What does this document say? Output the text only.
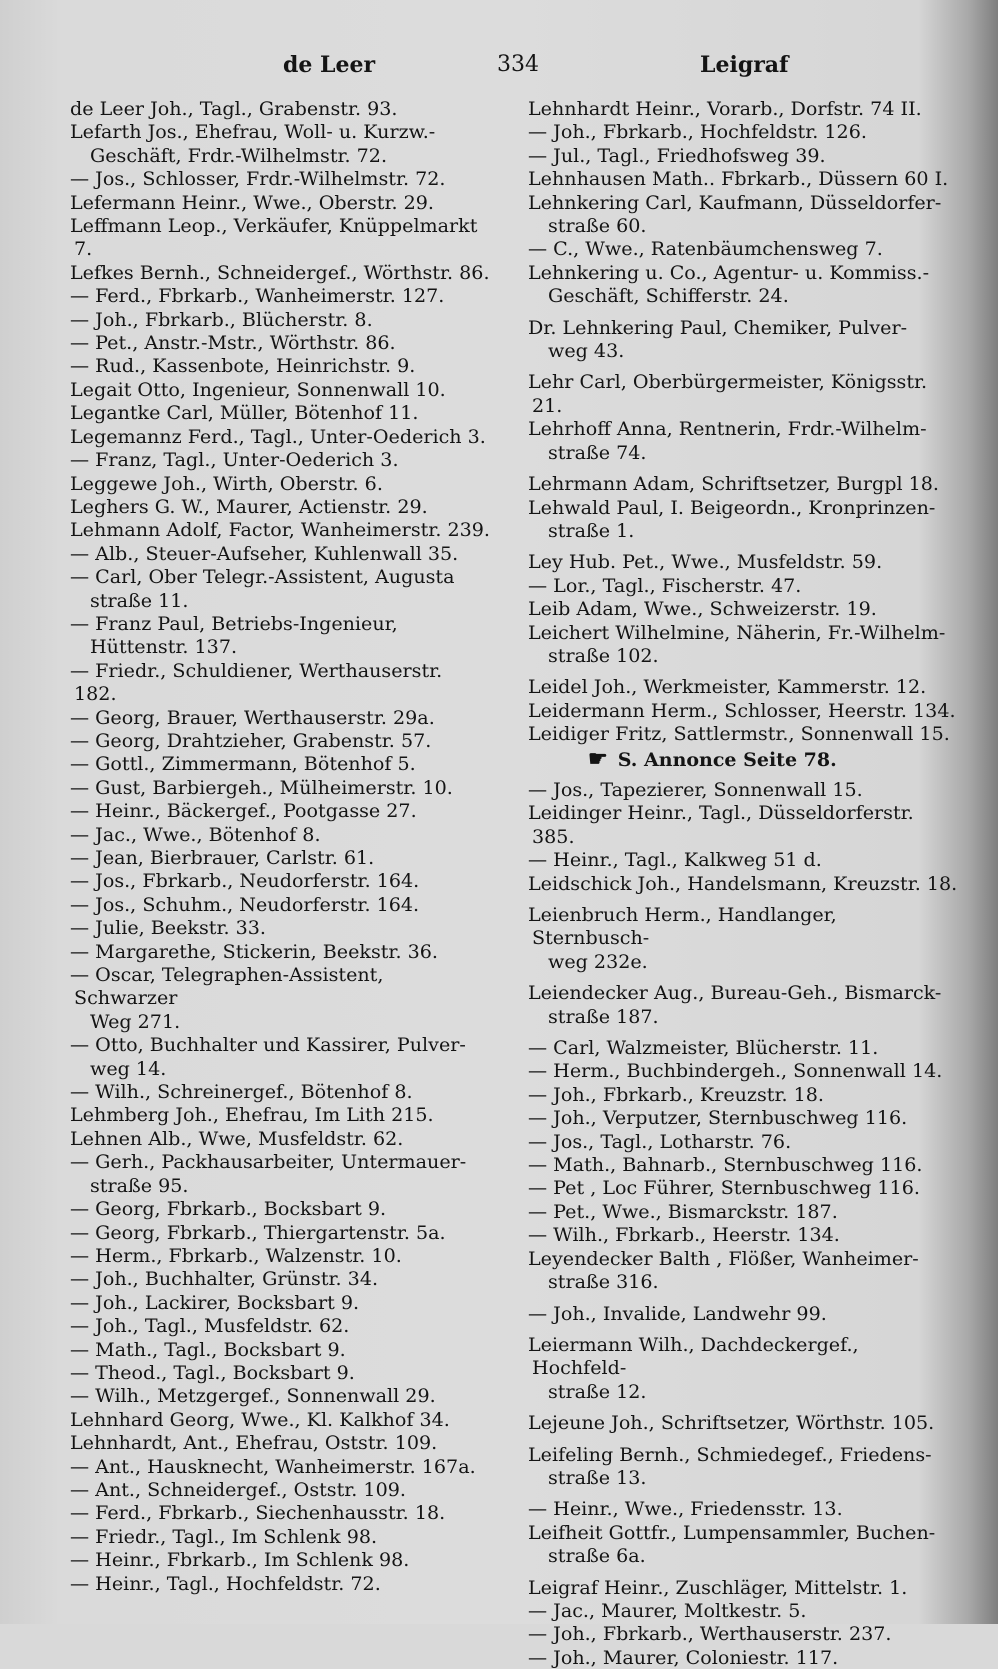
de Leer	334	Leigraf
de Leer Joh., Tagl., Grabenstr. 93.
Lefarth Jos., Ehefrau, Woll- u. Kurzw.-
Geschäft, Frdr.-Wilhelmstr. 72.
— Jos., Schlosser, Frdr.-Wilhelmstr. 72.
Lefermann Heinr., Wwe., Oberstr. 29.
Leffmann Leop., Verkäufer, Knüppelmarkt 7.
Lefkes Bernh., Schneidergef., Wörthstr. 86.
— Ferd., Fbrkarb., Wanheimerstr. 127.
— Joh., Fbrkarb., Blücherstr. 8.
— Pet., Anstr.-Mstr., Wörthstr. 86.
— Rud., Kassenbote, Heinrichstr. 9.
Legait Otto, Ingenieur, Sonnenwall 10.
Legantke Carl, Müller, Bötenhof 11.
Legemannz Ferd., Tagl., Unter-Oederich 3.
— Franz, Tagl., Unter-Oederich 3.
Leggewe Joh., Wirth, Oberstr. 6.
Leghers G. W., Maurer, Actienstr. 29.
Lehmann Adolf, Factor, Wanheimerstr. 239.
— Alb., Steuer-Aufseher, Kuhlenwall 35.
— Carl, Ober Telegr.-Assistent, Augusta
straße 11.
— Franz Paul, Betriebs-Ingenieur,
Hüttenstr. 137.
— Friedr., Schuldiener, Werthauserstr. 182.
— Georg, Brauer, Werthauserstr. 29a.
— Georg, Drahtzieher, Grabenstr. 57.
— Gottl., Zimmermann, Bötenhof 5.
— Gust, Barbiergeh., Mülheimerstr. 10.
— Heinr., Bäckergef., Pootgasse 27.
— Jac., Wwe., Bötenhof 8.
— Jean, Bierbrauer, Carlstr. 61.
— Jos., Fbrkarb., Neudorferstr. 164.
— Jos., Schuhm., Neudorferstr. 164.
— Julie, Beekstr. 33.
— Margarethe, Stickerin, Beekstr. 36.
— Oscar, Telegraphen-Assistent, Schwarzer
Weg 271.
— Otto, Buchhalter und Kassirer, Pulver-
weg 14.
— Wilh., Schreinergef., Bötenhof 8.
Lehmberg Joh., Ehefrau, Im Lith 215.
Lehnen Alb., Wwe, Musfeldstr. 62.
— Gerh., Packhausarbeiter, Untermauer-
straße 95.
— Georg, Fbrkarb., Bocksbart 9.
— Georg, Fbrkarb., Thiergartenstr. 5a.
— Herm., Fbrkarb., Walzenstr. 10.
— Joh., Buchhalter, Grünstr. 34.
— Joh., Lackirer, Bocksbart 9.
— Joh., Tagl., Musfeldstr. 62.
— Math., Tagl., Bocksbart 9.
— Theod., Tagl., Bocksbart 9.
— Wilh., Metzgergef., Sonnenwall 29.
Lehnhard Georg, Wwe., Kl. Kalkhof 34.
Lehnhardt, Ant., Ehefrau, Oststr. 109.
— Ant., Hausknecht, Wanheimerstr. 167a.
— Ant., Schneidergef., Oststr. 109.
— Ferd., Fbrkarb., Siechenhausstr. 18.
— Friedr., Tagl., Im Schlenk 98.
— Heinr., Fbrkarb., Im Schlenk 98.
— Heinr., Tagl., Hochfeldstr. 72.
Lehnhardt Heinr., Vorarb., Dorfstr. 74 II.
— Joh., Fbrkarb., Hochfeldstr. 126.
— Jul., Tagl., Friedhofsweg 39.
Lehnhausen Math.. Fbrkarb., Düssern 60 I.
Lehnkering Carl, Kaufmann, Düsseldorfer-
straße 60.
— C., Wwe., Ratenbäumchensweg 7.
Lehnkering u. Co., Agentur- u. Kommiss.-
Geschäft, Schifferstr. 24.
Dr. Lehnkering Paul, Chemiker, Pulver-
weg 43.
Lehr Carl, Oberbürgermeister, Königsstr. 21.
Lehrhoff Anna, Rentnerin, Frdr.-Wilhelm-
straße 74.
Lehrmann Adam, Schriftsetzer, Burgpl 18.
Lehwald Paul, I. Beigeordn., Kronprinzen-
straße 1.
Ley Hub. Pet., Wwe., Musfeldstr. 59.
— Lor., Tagl., Fischerstr. 47.
Leib Adam, Wwe., Schweizerstr. 19.
Leichert Wilhelmine, Näherin, Fr.-Wilhelm-
straße 102.
Leidel Joh., Werkmeister, Kammerstr. 12.
Leidermann Herm., Schlosser, Heerstr. 134.
Leidiger Fritz, Sattlermstr., Sonnenwall 15.
☛ S. Annonce Seite 78.
— Jos., Tapezierer, Sonnenwall 15.
Leidinger Heinr., Tagl., Düsseldorferstr. 385.
— Heinr., Tagl., Kalkweg 51 d.
Leidschick Joh., Handelsmann, Kreuzstr. 18.
Leienbruch Herm., Handlanger, Sternbusch-
weg 232e.
Leiendecker Aug., Bureau-Geh., Bismarck-
straße 187.
— Carl, Walzmeister, Blücherstr. 11.
— Herm., Buchbindergeh., Sonnenwall 14.
— Joh., Fbrkarb., Kreuzstr. 18.
— Joh., Verputzer, Sternbuschweg 116.
— Jos., Tagl., Lotharstr. 76.
— Math., Bahnarb., Sternbuschweg 116.
— Pet , Loc Führer, Sternbuschweg 116.
— Pet., Wwe., Bismarckstr. 187.
— Wilh., Fbrkarb., Heerstr. 134.
Leyendecker Balth , Flößer, Wanheimer-
straße 316.
— Joh., Invalide, Landwehr 99.
Leiermann Wilh., Dachdeckergef., Hochfeld-
straße 12.
Lejeune Joh., Schriftsetzer, Wörthstr. 105.
Leifeling Bernh., Schmiedegef., Friedens-
straße 13.
— Heinr., Wwe., Friedensstr. 13.
Leifheit Gottfr., Lumpensammler, Buchen-
straße 6a.
Leigraf Heinr., Zuschläger, Mittelstr. 1.
— Jac., Maurer, Moltkestr. 5.
— Joh., Fbrkarb., Werthauserstr. 237.
— Joh., Maurer, Coloniestr. 117.
